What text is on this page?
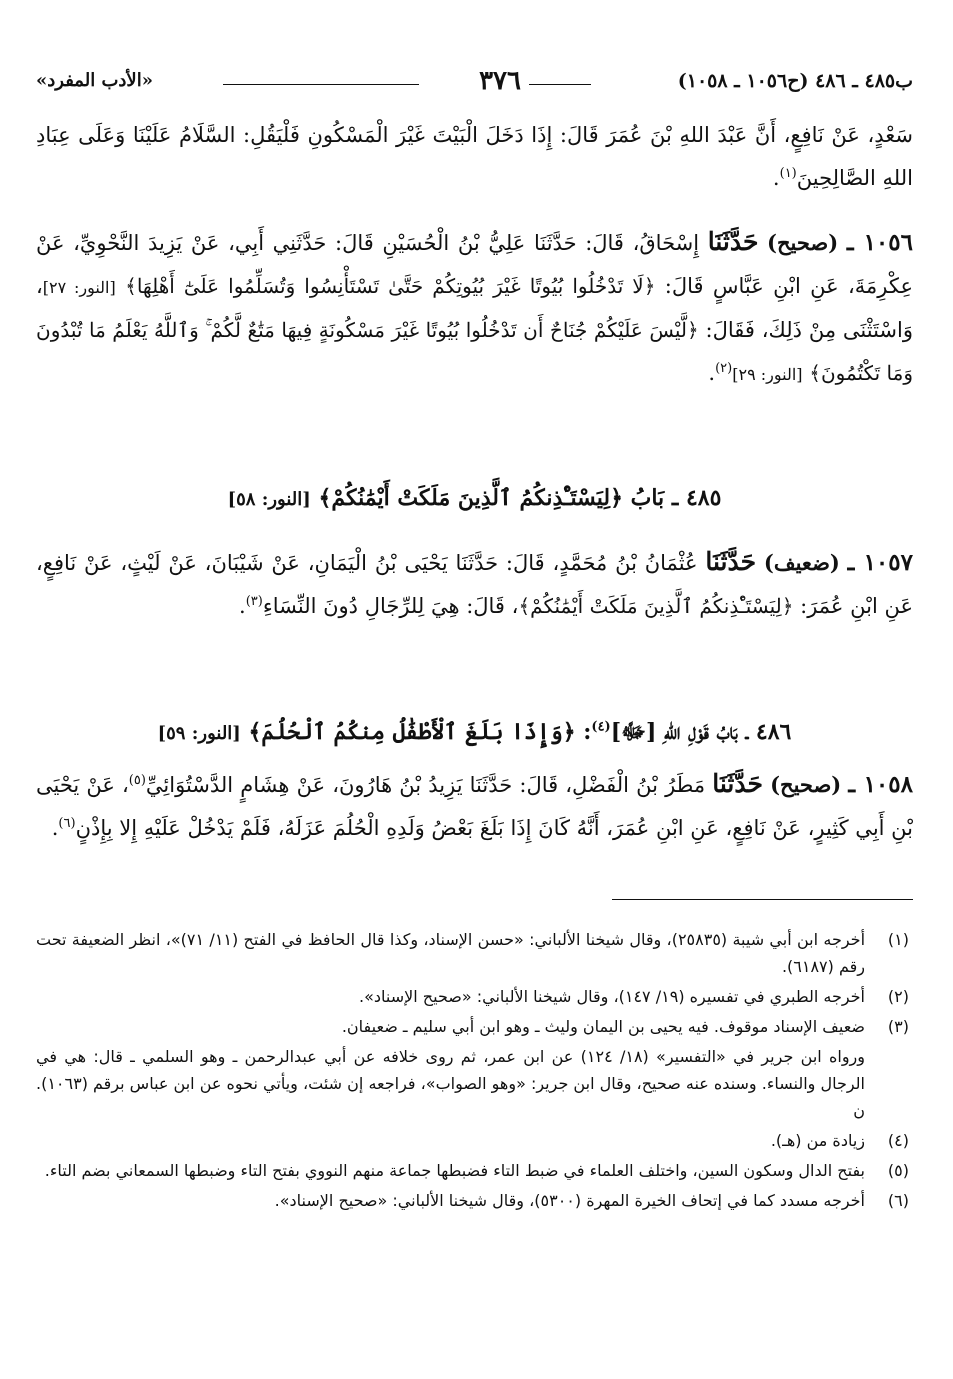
ب٤٨٥ ـ ٤٨٦ (ح١٠٥٦ ـ ١٠٥٨)
٣٧٦
«الأدب المفرد»

سَعْدٍ، عَنْ نَافِعٍ، أَنَّ عَبْدَ اللهِ بْنَ عُمَرَ قَالَ: إِذَا دَخَلَ الْبَيْتَ غَيْرَ الْمَسْكُونِ فَلْيَقُلِ: السَّلَامُ عَلَيْنَا وَعَلَى عِبَادِ اللهِ الصَّالِحِينَ$^{(١)}$.

١٠٥٦ ـ (صحيح) حَدَّثَنَا إِسْحَاقُ، قَالَ: حَدَّثَنَا عَلِيُّ بْنُ الْحُسَيْنِ قَالَ: حَدَّثَنِي أَبِي، عَنْ يَزِيدَ النَّحْوِيِّ، عَنْ عِكْرِمَةَ، عَنِ ابْنِ عَبَّاسٍ قَالَ: ﴿لَا تَدْخُلُوا بُيُوتًا غَيْرَ بُيُوتِكُمْ حَتَّىٰ تَسْتَأْنِسُوا وَتُسَلِّمُوا عَلَىٰٓ أَهْلِهَا﴾ [النور: ٢٧]، وَاسْتَثْنَى مِنْ ذَلِكَ، فَقَالَ: ﴿لَّيْسَ عَلَيْكُمْ جُنَاحٌ أَن تَدْخُلُوا بُيُوتًا غَيْرَ مَسْكُونَةٍ فِيهَا مَتَٰعٌ لَّكُمْ ۚ وَٱللَّهُ يَعْلَمُ مَا تُبْدُونَ وَمَا تَكْتُمُونَ﴾ [النور: ٢٩]$^{(٢)}$.

٤٨٥ ـ بَابُ ﴿لِيَسْتَـْٔذِنكُمُ ٱلَّذِينَ مَلَكَتْ أَيْمَٰنُكُمْ﴾ [النور: ٥٨]

١٠٥٧ ـ (ضعيف) حَدَّثَنَا عُثْمَانُ بْنُ مُحَمَّدٍ، قَالَ: حَدَّثَنَا يَحْيَى بْنُ الْيَمَانِ، عَنْ شَيْبَانَ، عَنْ لَيْثٍ، عَنْ نَافِعٍ، عَنِ ابْنِ عُمَرَ: ﴿لِيَسْتَـْٔذِنكُمُ ٱلَّذِينَ مَلَكَتْ أَيْمَٰنُكُمْ﴾، قَالَ: هِيَ لِلرِّجَالِ دُونَ النِّسَاءِ$^{(٣)}$.

٤٨٦ ـ بَابُ قَوْلِ اللهِ [ﷻ]$^{(٤)}$: ﴿وَإِذَا بَلَغَ ٱلْأَطْفَٰلُ مِنكُمُ ٱلْحُلُمَ﴾ [النور: ٥٩]

١٠٥٨ ـ (صحيح) حَدَّثَنَا مَطَرُ بْنُ الْفَضْلِ، قَالَ: حَدَّثَنَا يَزِيدُ بْنُ هَارُونَ، عَنْ هِشَامٍ الدَّسْتُوَائِيِّ$^{(٥)}$، عَنْ يَحْيَى بْنِ أَبِي كَثِيرٍ، عَنْ نَافِعٍ، عَنِ ابْنِ عُمَرَ، أَنَّهُ كَانَ إِذَا بَلَغَ بَعْضُ وَلَدِهِ الْحُلُمَ عَزَلَهُ، فَلَمْ يَدْخُلْ عَلَيْهِ إِلا بِإِذْنٍ$^{(٦)}$.

(١)
أخرجه ابن أبي شيبة (٢٥٨٣٥)، وقال شيخنا الألباني: «حسن الإسناد، وكذا قال الحافظ في الفتح (١١/ ٧١)»، انظر الضعيفة تحت رقم (٦١٨٧).
(٢)
أخرجه الطبري في تفسيره (١٩/ ١٤٧)، وقال شيخنا الألباني: «صحيح الإسناد».
(٣)
ضعيف الإسناد موقوف. فيه يحيى بن اليمان وليث ـ وهو ابن أبي سليم ـ ضعيفان.
ورواه ابن جرير في «التفسير» (١٨/ ١٢٤) عن ابن عمر، ثم روى خلافه عن أبي عبدالرحمن ـ وهو السلمي ـ قال: هي في الرجال والنساء. وسنده عنه صحيح، وقال ابن جرير: «وهو الصواب»، فراجعه إن شئت، ويأتي نحوه عن ابن عباس برقم (١٠٦٣). ن
(٤)
زيادة من (هـ).
(٥)
بفتح الدال وسكون السين، واختلف العلماء في ضبط التاء فضبطها جماعة منهم النووي بفتح التاء وضبطها السمعاني بضم التاء.
(٦)
أخرجه مسدد كما في إتحاف الخيرة المهرة (٥٣٠٠)، وقال شيخنا الألباني: «صحيح الإسناد».
